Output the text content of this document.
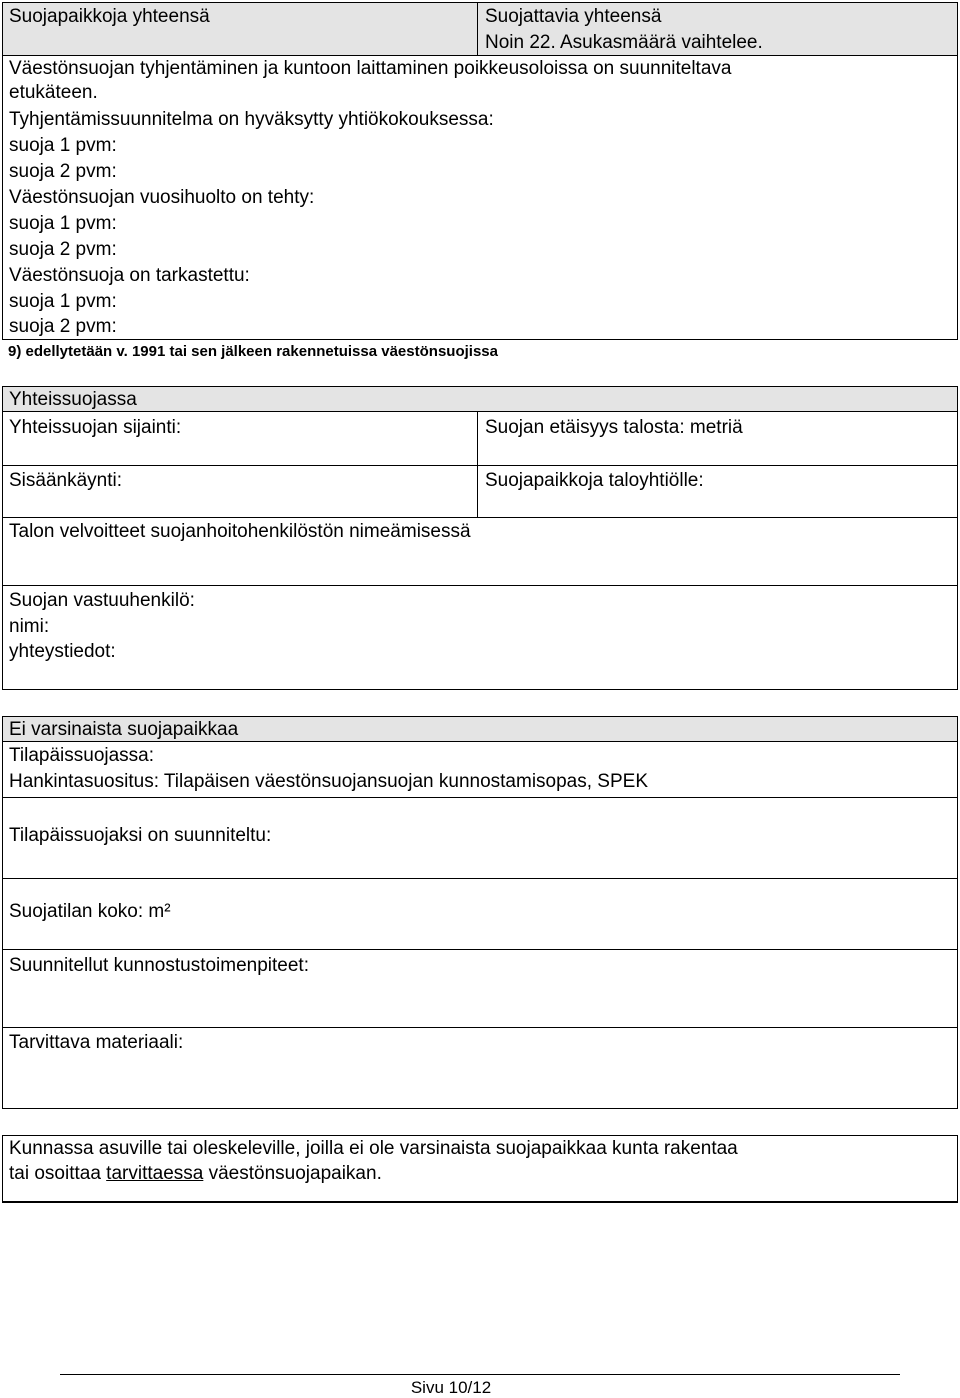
Suojapaikkoja yhteensä	Suojattavia yhteensä
Noin 22. Asukasmäärä vaihtelee.
Väestönsuojan tyhjentäminen ja kuntoon laittaminen poikkeusoloissa on suunniteltava
etukäteen.
Tyhjentämissuunnitelma on hyväksytty yhtiökokouksessa:
suoja 1 pvm:
suoja 2 pvm:
Väestönsuojan vuosihuolto on tehty:
suoja 1 pvm:
suoja 2 pvm:
Väestönsuoja on tarkastettu:
suoja 1 pvm:
suoja 2 pvm:
9) edellytetään v. 1991 tai sen jälkeen rakennetuissa väestönsuojissa
Yhteissuojassa
Yhteissuojan sijainti:	Suojan etäisyys talosta: metriä
Sisäänkäynti:	Suojapaikkoja taloyhtiölle:
Talon velvoitteet suojanhoitohenkilöstön nimeämisessä
Suojan vastuuhenkilö:
nimi:
yhteystiedot:
Ei varsinaista suojapaikkaa
Tilapäissuojassa:
Hankintasuositus: Tilapäisen väestönsuojansuojan kunnostamisopas, SPEK
Tilapäissuojaksi on suunniteltu:
Suojatilan koko: m²
Suunnitellut kunnostustoimenpiteet:
Tarvittava materiaali:
Kunnassa asuville tai oleskeleville, joilla ei ole varsinaista suojapaikkaa kunta rakentaa
tai osoittaa tarvittaessa väestönsuojapaikan.
Sivu 10/12
